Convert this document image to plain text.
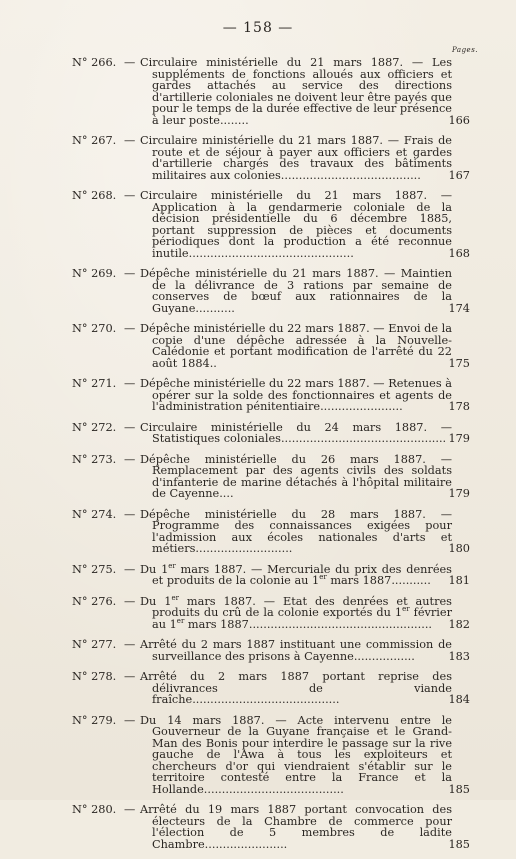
— 158 —
Pages.
N° 266. — Circulaire ministérielle du 21 mars 1887. — Les suppléments de fonctions alloués aux officiers et gardes attachés au service des directions d'artillerie coloniales ne doivent leur être payés que pour le temps de la durée effective de leur présence à leur poste........	166
N° 267. — Circulaire ministérielle du 21 mars 1887. — Frais de route et de séjour à payer aux officiers et gardes d'artillerie chargés des travaux des bâtiments militaires aux colonies.......................................	167
N° 268. — Circulaire ministérielle du 21 mars 1887. — Application à la gendarmerie coloniale de la décision présidentielle du 6 décembre 1885, portant suppression de pièces et documents périodiques dont la production a été reconnue inutile..............................................	168
N° 269. — Dépêche ministérielle du 21 mars 1887. — Maintien de la délivrance de 3 rations par semaine de conserves de bœuf aux rationnaires de la Guyane...........	174
N° 270. — Dépêche ministérielle du 22 mars 1887. — Envoi de la copie d'une dépêche adressée à la Nouvelle-Calédonie et portant modification de l'arrêté du 22 août 1884..	175
N° 271. — Dépêche ministérielle du 22 mars 1887. — Retenues à opérer sur la solde des fonctionnaires et agents de l'administration pénitentiaire.......................	178
N° 272. — Circulaire ministérielle du 24 mars 1887. — Statistiques coloniales.............................................. 179
N° 273. — Dépêche ministérielle du 26 mars 1887. — Remplacement par des agents civils des soldats d'infanterie de marine détachés à l'hôpital militaire de Cayenne....	179
N° 274. — Dépêche ministérielle du 28 mars 1887. — Programme des connaissances exigées pour l'admission aux écoles nationales d'arts et métiers...........................	180
N° 275. — Du 1er mars 1887. — Mercuriale du prix des denrées et produits de la colonie au 1er mars 1887...........	181
N° 276. — Du 1er mars 1887. — Etat des denrées et autres produits du crû de la colonie exportés du 1er février au 1er mars 1887...................................................	182
N° 277. — Arrêté du 2 mars 1887 instituant une commission de surveillance des prisons à Cayenne.................	183
N° 278. — Arrêté du 2 mars 1887 portant reprise des délivrances de viande fraîche.........................................	184
N° 279. — Du 14 mars 1887. — Acte intervenu entre le Gouverneur de la Guyane française et le Grand-Man des Bonis pour interdire le passage sur la rive gauche de l'Awa à tous les exploiteurs et chercheurs d'or qui viendraient s'établir sur le territoire contesté entre la France et la Hollande.......................................	185
N° 280. — Arrêté du 19 mars 1887 portant convocation des électeurs de la Chambre de commerce pour l'élection de 5 membres de ladite Chambre.......................	185
